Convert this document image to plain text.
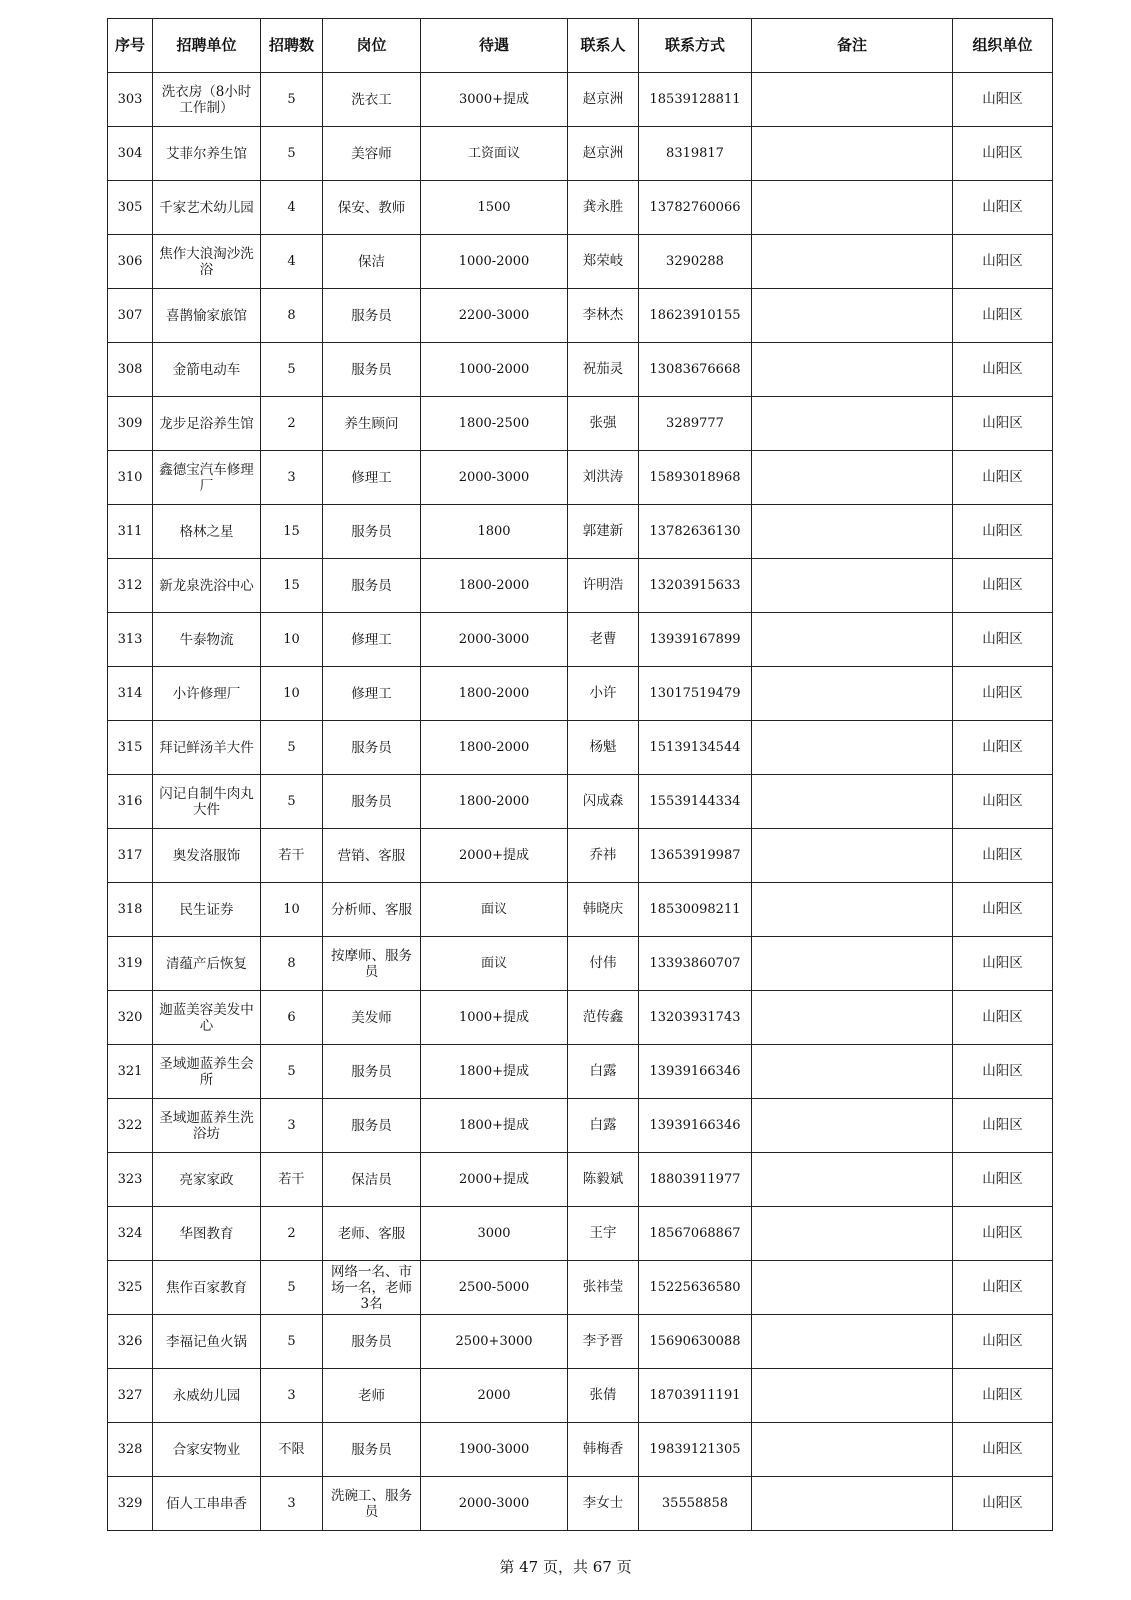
序号	招聘单位	招聘数	岗位	待遇	联系人	联系方式	备注	组织单位
303	洗衣房（8小时工作制）	5	洗衣工	3000+提成	赵京洲	18539128811		山阳区
304	艾菲尔养生馆	5	美容师	工资面议	赵京洲	8319817		山阳区
305	千家艺术幼儿园	4	保安、教师	1500	龚永胜	13782760066		山阳区
306	焦作大浪淘沙洗浴	4	保洁	1000-2000	郑荣岐	3290288		山阳区
307	喜鹊愉家旅馆	8	服务员	2200-3000	李林杰	18623910155		山阳区
308	金箭电动车	5	服务员	1000-2000	祝茄灵	13083676668		山阳区
309	龙步足浴养生馆	2	养生顾问	1800-2500	张强	3289777		山阳区
310	鑫德宝汽车修理厂	3	修理工	2000-3000	刘洪涛	15893018968		山阳区
311	格林之星	15	服务员	1800	郭建新	13782636130		山阳区
312	新龙泉洗浴中心	15	服务员	1800-2000	许明浩	13203915633		山阳区
313	牛泰物流	10	修理工	2000-3000	老曹	13939167899		山阳区
314	小许修理厂	10	修理工	1800-2000	小许	13017519479		山阳区
315	拜记鲜汤羊大件	5	服务员	1800-2000	杨魁	15139134544		山阳区
316	闪记自制牛肉丸大件	5	服务员	1800-2000	闪成森	15539144334		山阳区
317	奥发洛服饰	若干	营销、客服	2000+提成	乔祎	13653919987		山阳区
318	民生证券	10	分析师、客服	面议	韩晓庆	18530098211		山阳区
319	清蕴产后恢复	8	按摩师、服务员	面议	付伟	13393860707		山阳区
320	迦蓝美容美发中心	6	美发师	1000+提成	范传鑫	13203931743		山阳区
321	圣域迦蓝养生会所	5	服务员	1800+提成	白露	13939166346		山阳区
322	圣域迦蓝养生洗浴坊	3	服务员	1800+提成	白露	13939166346		山阳区
323	亮家家政	若干	保洁员	2000+提成	陈毅斌	18803911977		山阳区
324	华图教育	2	老师、客服	3000	王宇	18567068867		山阳区
325	焦作百家教育	5	网络一名、市场一名，老师3名	2500-5000	张祎莹	15225636580		山阳区
326	李福记鱼火锅	5	服务员	2500+3000	李予晋	15690630088		山阳区
327	永威幼儿园	3	老师	2000	张倩	18703911191		山阳区
328	合家安物业	不限	服务员	1900-3000	韩梅香	19839121305		山阳区
329	佰人工串串香	3	洗碗工、服务员	2000-3000	李女士	35558858		山阳区
第 47 页，共 67 页
